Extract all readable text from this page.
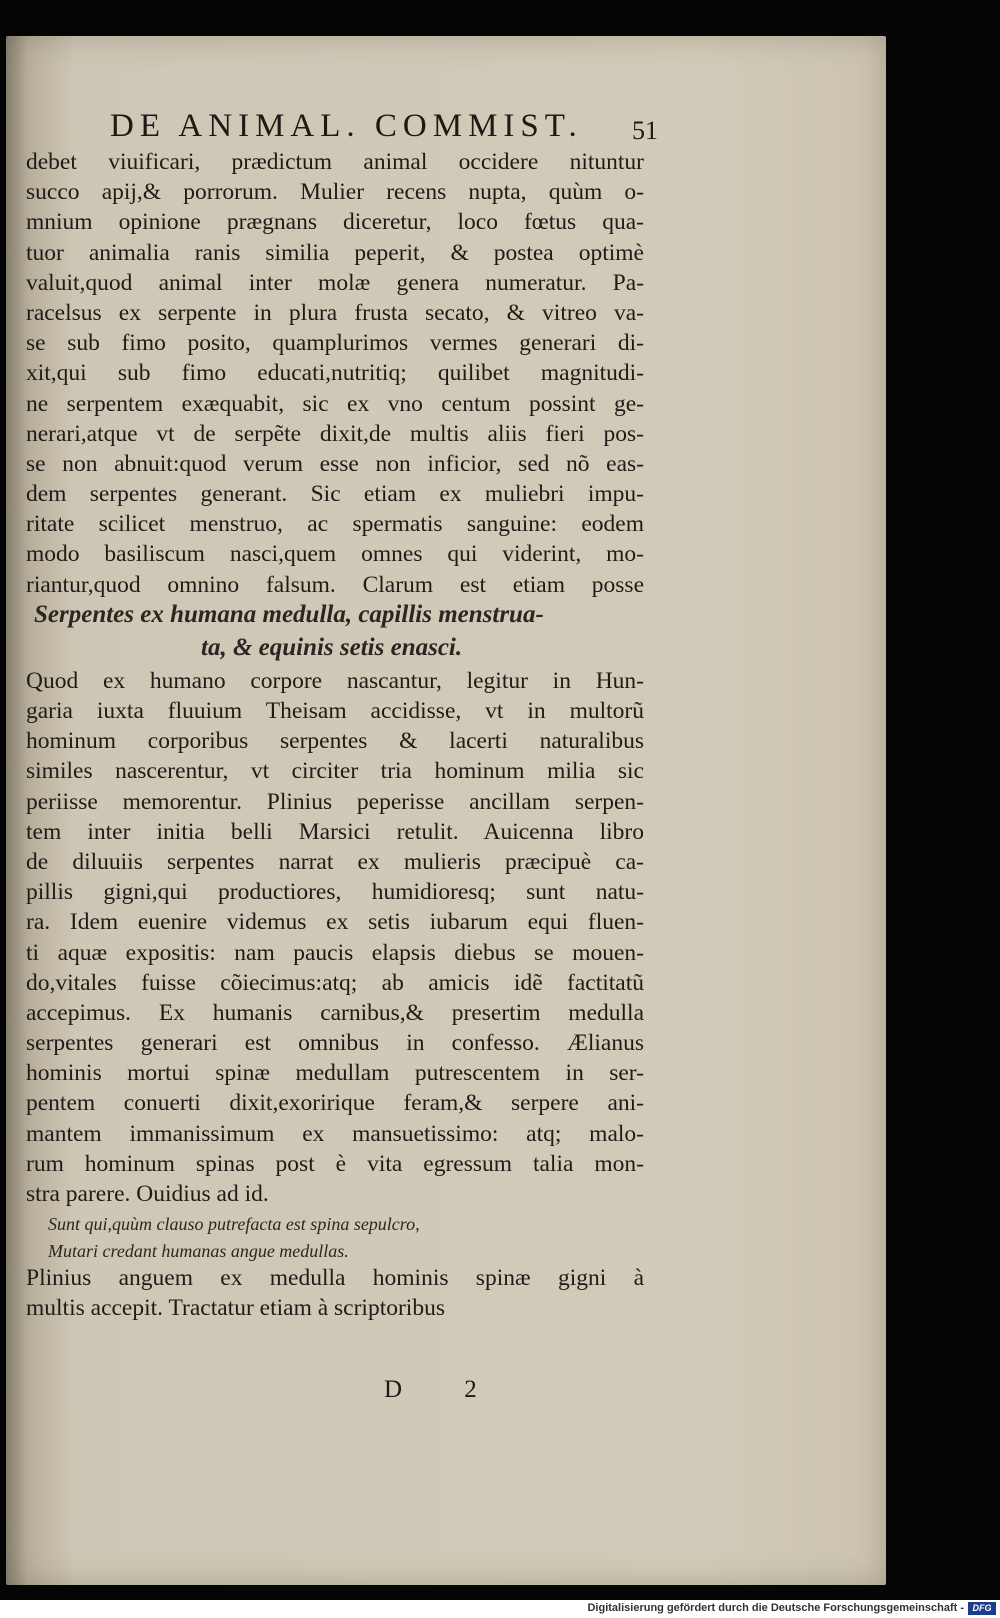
DE ANIMAL. COMMIST.	51
debet viuificari, prædictum animal occidere nituntur
succo apij,& porrorum. Mulier recens nupta, quùm o-
mnium opinione prægnans diceretur, loco fœtus qua-
tuor animalia ranis similia peperit, & postea optimè
valuit,quod animal inter molæ genera numeratur. Pa-
racelsus ex serpente in plura frusta secato, & vitreo va-
se sub fimo posito, quamplurimos vermes generari di-
xit,qui sub fimo educati,nutritiq; quilibet magnitudi-
ne serpentem exæquabit, sic ex vno centum possint ge-
nerari,atque vt de serpẽte dixit,de multis aliis fieri pos-
se non abnuit:quod verum esse non inficior, sed nõ eas-
dem serpentes generant. Sic etiam ex muliebri impu-
ritate scilicet menstruo, ac spermatis sanguine: eodem
modo basiliscum nasci,quem omnes qui viderint, mo-
riantur,quod omnino falsum. Clarum est etiam posse
Serpentes ex humana medulla, capillis menstrua-
ta, & equinis setis enasci.
Quod ex humano corpore nascantur, legitur in Hun-
garia iuxta fluuium Theisam accidisse, vt in multorũ
hominum corporibus serpentes & lacerti naturalibus
similes nascerentur, vt circiter tria hominum milia sic
periisse memorentur. Plinius peperisse ancillam serpen-
tem inter initia belli Marsici retulit. Auicenna libro
de diluuiis serpentes narrat ex mulieris præcipuè ca-
pillis gigni,qui productiores, humidioresq; sunt natu-
ra. Idem euenire videmus ex setis iubarum equi fluen-
ti aquæ expositis: nam paucis elapsis diebus se mouen-
do,vitales fuisse cõiecimus:atq; ab amicis idẽ factitatũ
accepimus. Ex humanis carnibus,& presertim medulla
serpentes generari est omnibus in confesso. Ælianus
hominis mortui spinæ medullam putrescentem in ser-
pentem conuerti dixit,exoririque feram,& serpere ani-
mantem immanissimum ex mansuetissimo: atq; malo-
rum hominum spinas post è vita egressum talia mon-
stra parere. Ouidius ad id.
Sunt qui,quùm clauso putrefacta est spina sepulcro,
Mutari credant humanas angue medullas.
Plinius anguem ex medulla hominis spinæ gigni à
multis accepit. Tractatur etiam à scriptoribus
D 2
Digitalisierung gefördert durch die Deutsche Forschungsgemeinschaft - DFG
